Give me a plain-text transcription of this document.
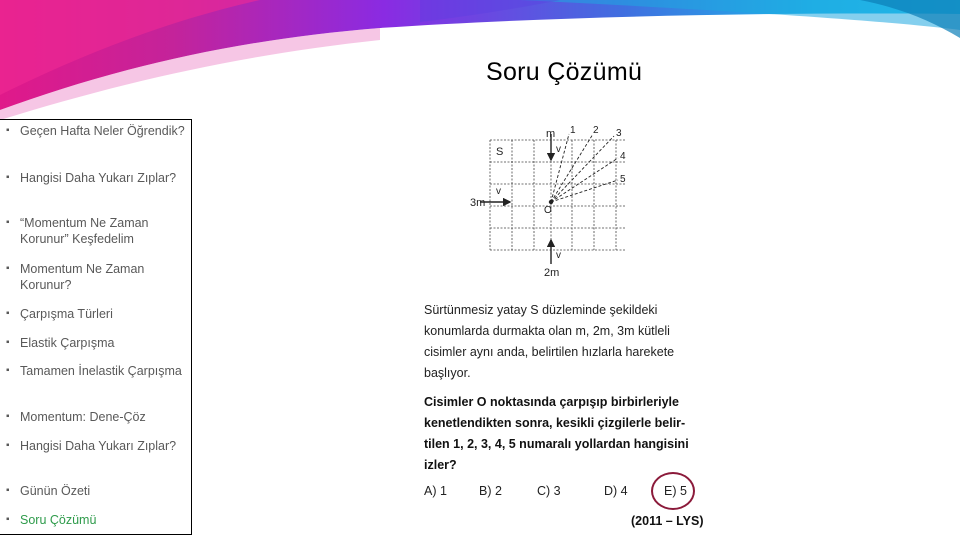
Soru Çözümü
▪ Geçen Hafta Neler Öğrendik?
▪ Hangisi Daha Yukarı Zıplar?
▪ “Momentum Ne Zaman Korunur” Keşfedelim
▪ Momentum Ne Zaman Korunur?
▪ Çarpışma Türleri
▪ Elastik Çarpışma
▪ Tamamen İnelastik Çarpışma
▪ Momentum: Dene-Çöz
▪ Hangisi Daha Yukarı Zıplar?
▪ Günün Özeti
▪ Soru Çözümü
S
O
m
3m
2m
v
v
v
1 2 3
4
5
Sürtünmesiz yatay S düzleminde şekildeki
konumlarda durmakta olan m, 2m, 3m kütleli
cisimler aynı anda, belirtilen hızlarla harekete
başlıyor.
Cisimler O noktasında çarpışıp birbirleriyle
kenetlendikten sonra, kesikli çizgilerle belir-
tilen 1, 2, 3, 4, 5 numaralı yollardan hangisini
izler?
A) 1	B) 2	C) 3	D) 4	E) 5
(2011 – LYS)
